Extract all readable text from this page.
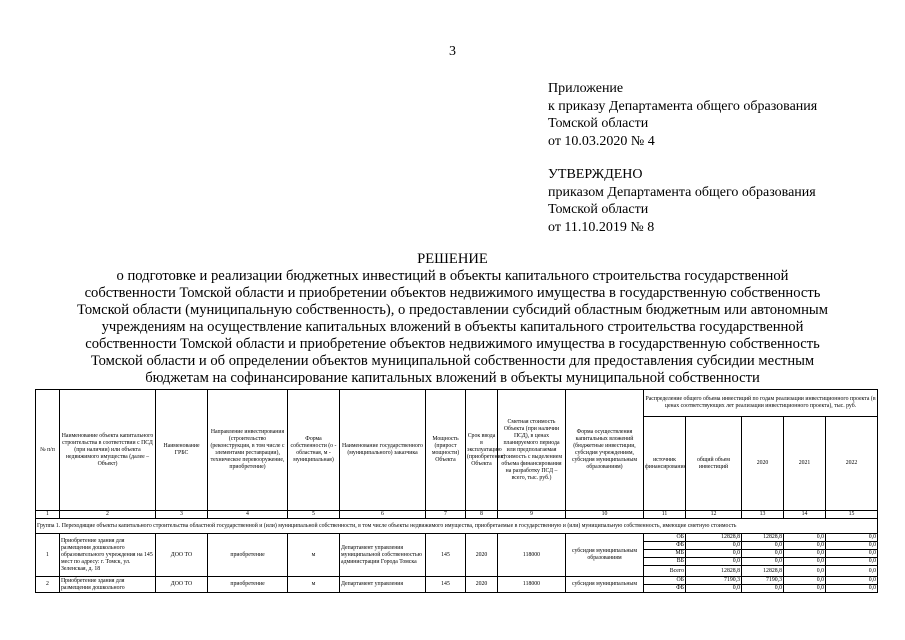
3
Приложение
к приказу Департамента общего образования
Томской области
от 10.03.2020 № 4
УТВЕРЖДЕНО
приказом Департамента общего образования
Томской области
от 11.10.2019 № 8
РЕШЕНИЕ
о подготовке и реализации бюджетных инвестиций в объекты капитального строительства государственной
собственности Томской области и приобретении объектов недвижимого имущества в государственную собственность
Томской области (муниципальную собственность), о предоставлении субсидий областным бюджетным или автономным
учреждениям на осуществление капитальных вложений в объекты капитального строительства государственной
собственности Томской области и приобретение объектов недвижимого имущества в государственную собственность
Томской области и об определении объектов муниципальной собственности для предоставления субсидии местным
бюджетам на софинансирование капитальных вложений в объекты муниципальной собственности
№ п/п	Наименование объекта капитального строительства в соответствии с ПСД (при наличии) или объекта недвижимого имущества (далее – Объект)	Наименование ГРБС	Направление инвестирования (строительство (реконструкция, в том числе с элементами реставрации), техническое перевооружение, приобретение)	Форма собственности (о - областная, м - муниципальная)	Наименование государственного (муниципального) заказчика	Мощность (прирост мощности) Объекта	Срок ввода в эксплуатацию (приобретения) Объекта	Сметная стоимость Объекта (при наличии ПСД), в ценах планируемого периода или предполагаемая стоимость с выделением объема финансирования на разработку ПСД – всего, тыс. руб.)	Форма осуществления капитальных вложений (бюджетные инвестиции, субсидия учреждениям, субсидия муниципальным образованиям)	Распределение общего объема инвестиций по годам реализации инвестиционного проекта (в ценах соответствующих лет реализации инвестиционного проекта), тыс. руб.				
										источник финансирования	общий объем инвестиций	2020	2021	2022
1	2	3	4	5	6	7	8	9	10	11	12	13	14	15
Группа 1. Переходящие объекты капитального строительства областной государственной и (или) муниципальной собственности, в том числе объекты недвижимого имущества, приобретаемые в государственную и (или) муниципальную собственность, имеющие сметную стоимость														
1	Приобретение здания для размещения дошкольного образовательного учреждения на 145 мест по адресу: г. Томск, ул. Зеленская, д. 18	ДОО ТО	приобретение	м	Департамент управления муниципальной собственностью администрации Города Томска	145	2020	118000	субсидия муниципальным образованиям	ОБ	12828,8	12828,8	0,0	0,0
										ФБ	0,0	0,0	0,0	0,0
										МБ	0,0	0,0	0,0	0,0
										ВБ	0,0	0,0	0,0	0,0
										Всего	12828,8	12828,8	0,0	0,0
2	Приобретение здания для размещения дошкольного	ДОО ТО	приобретение	м	Департамент управления	145	2020	118000	субсидия муниципальным	ОБ	7190,3	7190,3	0,0	0,0
										ФБ	0,0	0,0	0,0	0,0
